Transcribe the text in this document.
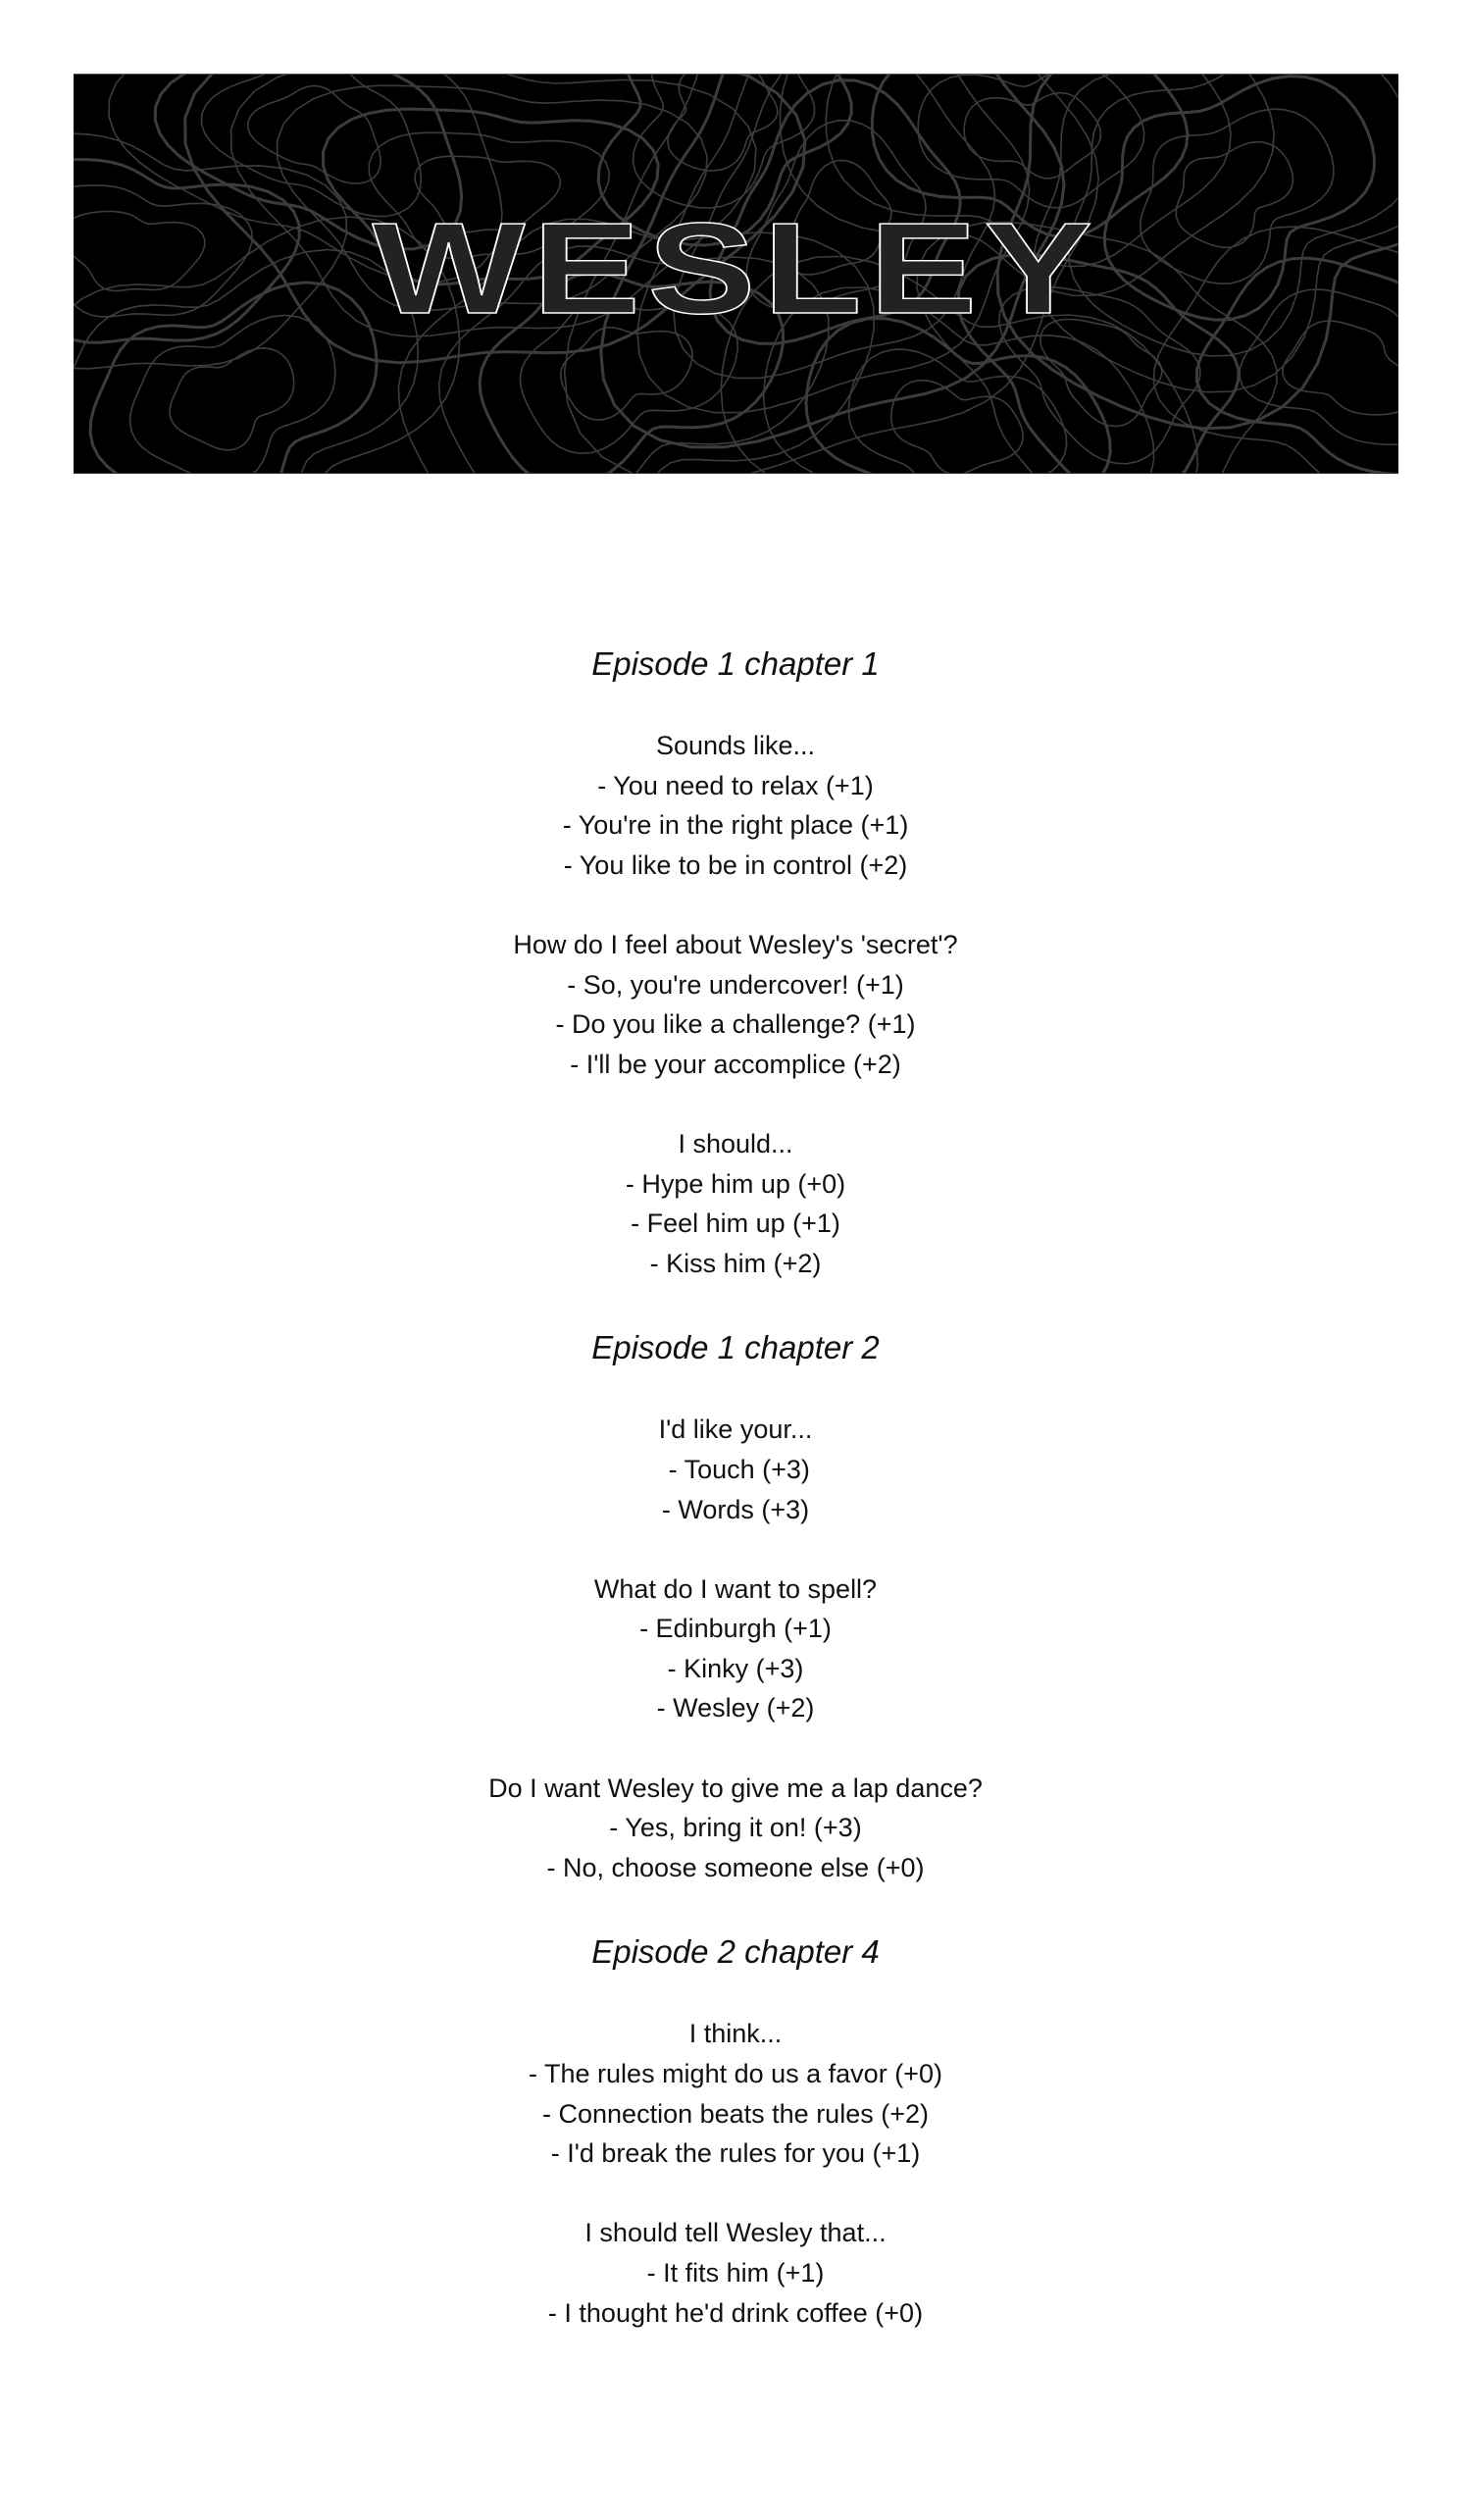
WESLEY
Episode 1 chapter 1
Sounds like...
- You need to relax (+1)
- You're in the right place (+1)
- You like to be in control (+2)
How do I feel about Wesley's 'secret'?
- So, you're undercover! (+1)
- Do you like a challenge? (+1)
- I'll be your accomplice (+2)
I should...
- Hype him up (+0)
- Feel him up (+1)
- Kiss him (+2)
Episode 1 chapter 2
I'd like your...
- Touch (+3)
- Words (+3)
What do I want to spell?
- Edinburgh (+1)
- Kinky (+3)
- Wesley (+2)
Do I want Wesley to give me a lap dance?
- Yes, bring it on! (+3)
- No, choose someone else (+0)
Episode 2 chapter 4
I think...
- The rules might do us a favor (+0)
- Connection beats the rules (+2)
- I'd break the rules for you (+1)
I should tell Wesley that...
- It fits him (+1)
- I thought he'd drink coffee (+0)
